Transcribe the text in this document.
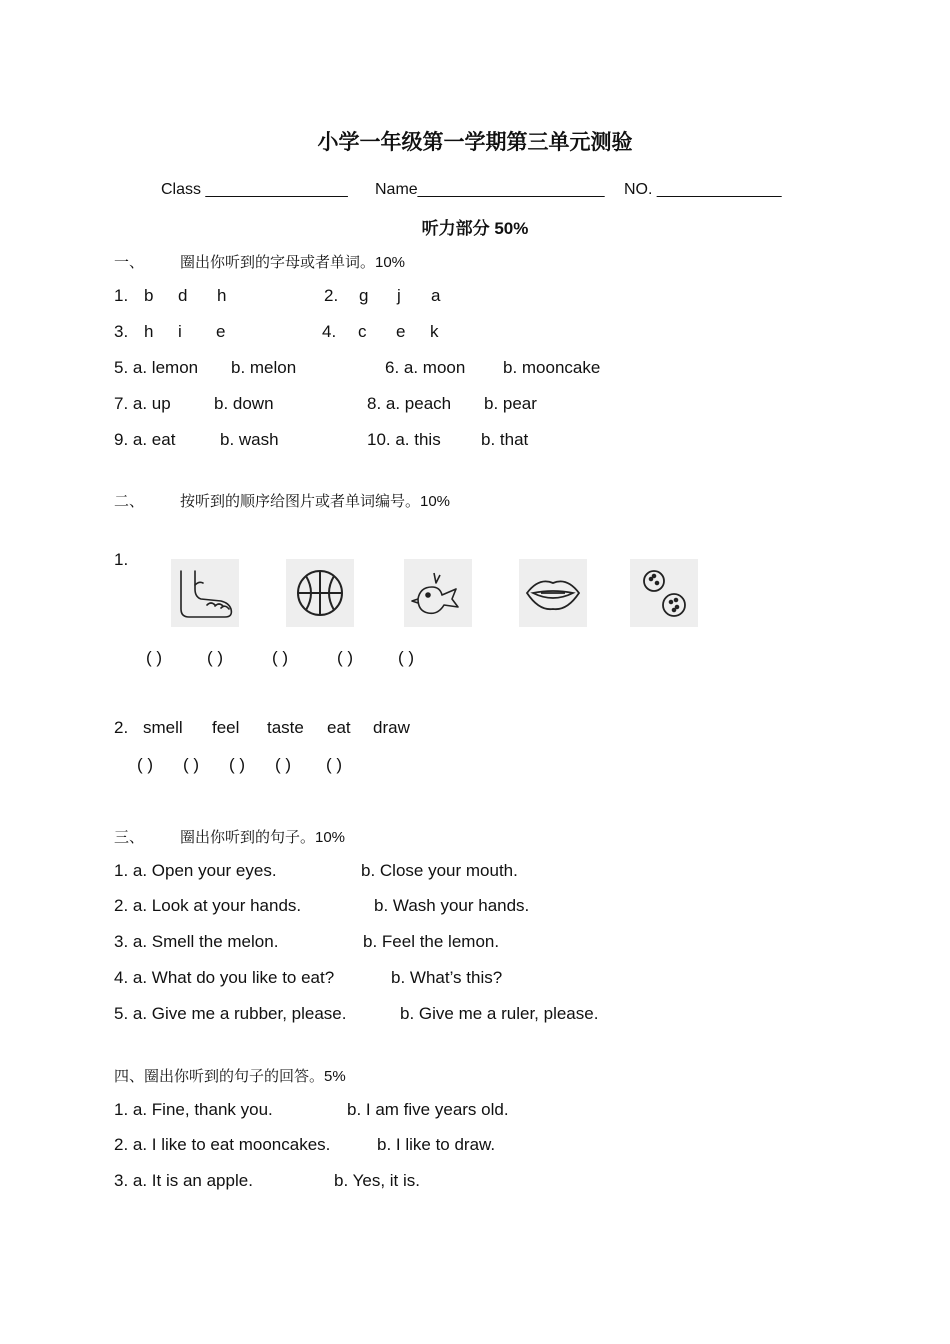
小学一年级第一学期第三单元测验
Class ________________ Name_____________________ NO. ______________
听力部分 50%
一、 圈出你听到的字母或者单词。10%
1. b d h	2. g j a
3. h i e	4. c e k
5. a. lemon b. melon	6. a. moon b. mooncake
7. a. up	b. down	8. a. peach b. pear
9. a. eat	b. wash	10. a. this b. that
二、 按听到的顺序给图片或者单词编号。10%
1.
( )	( )	( )	( )	( )
2. smell feel taste eat draw
( ) ( ) ( ) ( ) ( )
三、 圈出你听到的句子。10%
1. a. Open your eyes.	b. Close your mouth.
2. a. Look at your hands.	b. Wash your hands.
3. a. Smell the melon.	b. Feel the lemon.
4. a. What do you like to eat?	b. What’s this?
5. a. Give me a rubber, please.	b. Give me a ruler, please.
四、圈出你听到的句子的回答。5%
1. a. Fine, thank you.	b. I am five years old.
2. a. I like to eat mooncakes.	b. I like to draw.
3. a. It is an apple.	b. Yes, it is.
